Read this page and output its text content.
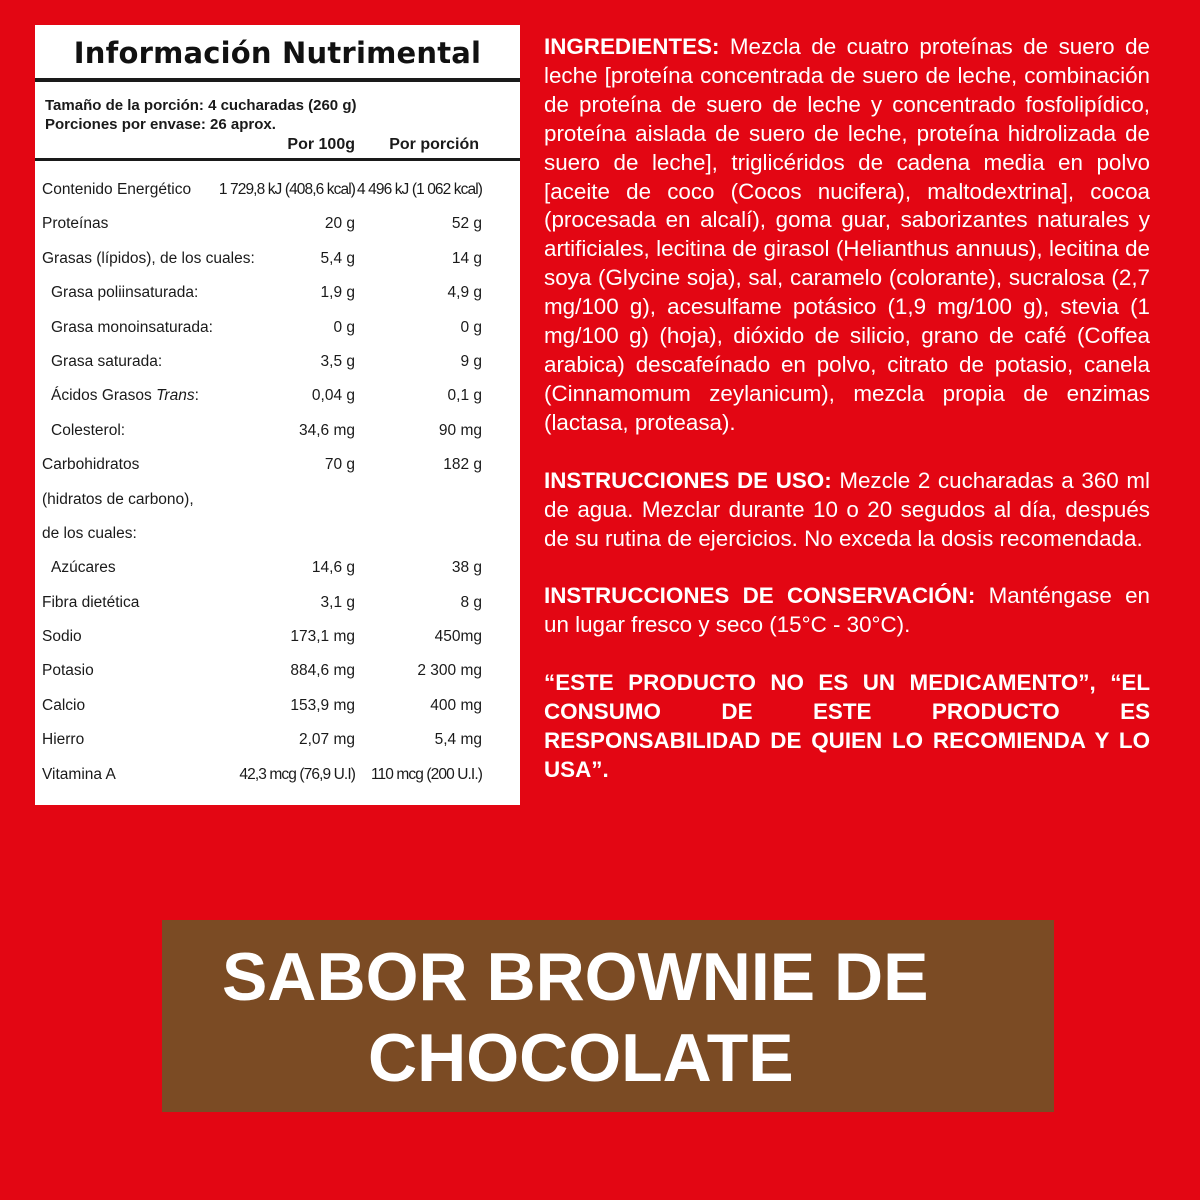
Información Nutrimental
Tamaño de la porción: 4 cucharadas (260 g)
Porciones por envase: 26 aprox.
Por 100g Por porción
Contenido Energético 1 729,8 kJ (408,6 kcal) 4 496 kJ (1 062 kcal)
Proteínas	20 g	52 g
Grasas (lípidos), de los cuales:	5,4 g	14 g
Grasa poliinsaturada:	1,9 g	4,9 g
Grasa monoinsaturada:	0 g	0 g
Grasa saturada:	3,5 g	9 g
Ácidos Grasos Trans:	0,04 g	0,1 g
Colesterol:	34,6 mg	90 mg
Carbohidratos	70 g	182 g
(hidratos de carbono),
de los cuales:
Azúcares	14,6 g	38 g
Fibra dietética	3,1 g	8 g
Sodio	173,1 mg	450mg
Potasio	884,6 mg	2 300 mg
Calcio	153,9 mg	400 mg
Hierro	2,07 mg	5,4 mg
Vitamina A	42,3 mcg (76,9 U.I) 110 mcg (200 U.I.)

INGREDIENTES: Mezcla de cuatro proteínas de suero de leche [proteína concentrada de suero de leche, combinación de proteína de suero de leche y concentrado fosfolipídico, proteína aislada de suero de leche, proteína hidrolizada de suero de leche], triglicéridos de cadena media en polvo [aceite de coco (Cocos nucifera), maltodextrina], cocoa (procesada en alcalí), goma guar, saborizantes naturales y artificiales, lecitina de girasol (Helianthus annuus), lecitina de soya (Glycine soja), sal, caramelo (colorante), sucralosa (2,7 mg/100 g), acesulfame potásico (1,9 mg/100 g), stevia (1 mg/100 g) (hoja), dióxido de silicio, grano de café (Coffea arabica) descafeínado en polvo, citrato de potasio, canela (Cinnamomum zeylanicum), mezcla propia de enzimas (lactasa, proteasa).

INSTRUCCIONES DE USO: Mezcle 2 cucharadas a 360 ml de agua. Mezclar durante 10 o 20 segudos al día, después de su rutina de ejercicios. No exceda la dosis recomendada.

INSTRUCCIONES DE CONSERVACIÓN: Manténgase en un lugar fresco y seco (15°C - 30°C).

“ESTE PRODUCTO NO ES UN MEDICAMENTO”, “EL CONSUMO DE ESTE PRODUCTO ES RESPONSABILIDAD DE QUIEN LO RECOMIENDA Y LO USA”.

SABOR BROWNIE DE
CHOCOLATE
